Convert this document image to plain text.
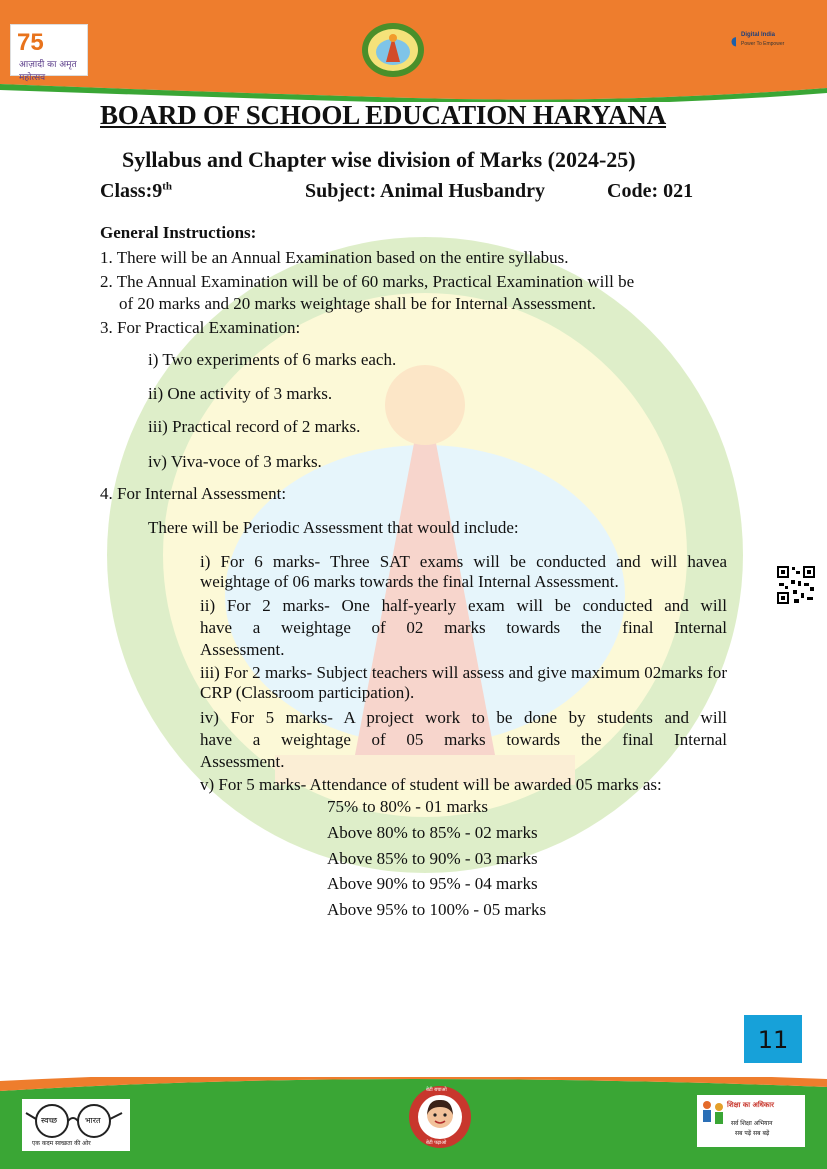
75
आज़ादी का अमृत महोत्सव
◖ Digital India
Power To Empower
BOARD OF SCHOOL EDUCATION HARYANA
Syllabus and Chapter wise division of Marks (2024-25)
Class:9th	Subject: Animal Husbandry	Code: 021
General Instructions:
1. There will be an Annual Examination based on the entire syllabus.
2. The Annual Examination will be of 60 marks, Practical Examination will be
of 20 marks and 20 marks weightage shall be for Internal Assessment.
3. For Practical Examination:
i) Two experiments of 6 marks each.
ii) One activity of 3 marks.
iii) Practical record of 2 marks.
iv) Viva-voce of 3 marks.
4. For Internal Assessment:
There will be Periodic Assessment that would include:
i) For 6 marks- Three SAT exams will be conducted and will havea weightage of 06 marks towards the final Internal Assessment.
ii) For 2 marks- One half-yearly exam will be conducted and will
have a weightage of 02 marks towards the final Internal
Assessment.
iii) For 2 marks- Subject teachers will assess and give maximum 02marks for CRP (Classroom participation).
iv) For 5 marks- A project work to be done by students and will
have a weightage of 05 marks towards the final Internal
Assessment.
v) For 5 marks- Attendance of student will be awarded 05 marks as:
75% to 80% - 01 marks
Above 80% to 85% - 02 marks
Above 85% to 90% - 03 marks
Above 90% to 95% - 04 marks
Above 95% to 100% - 05 marks
11
स्वच्छ	भारत
एक कदम स्वच्छता की ओर
बेटी बचाओ
बेटी पढ़ाओ
शिक्षा का अधिकार
सर्व शिक्षा अभियान
सब पढ़ें सब बढ़ें
